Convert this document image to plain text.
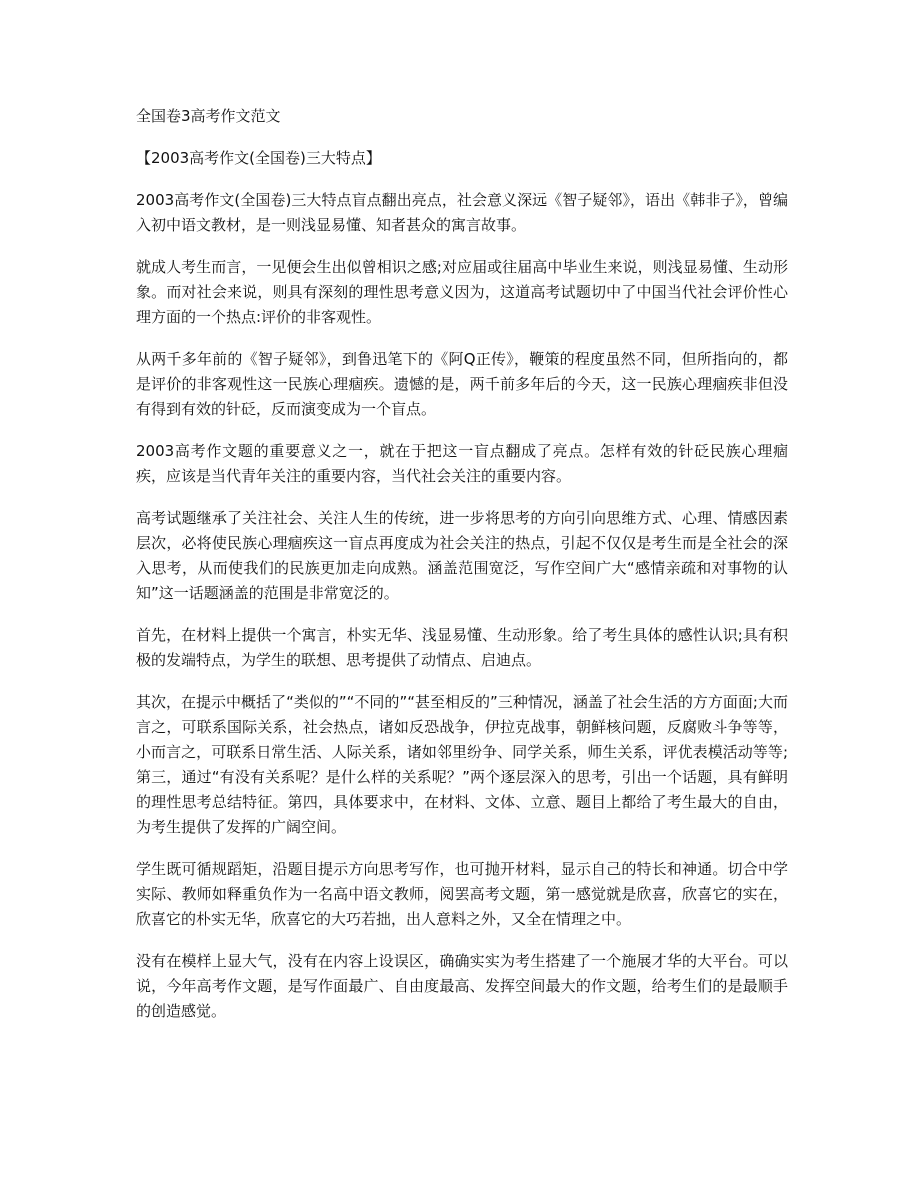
全国卷3高考作文范文
【2003高考作文(全国卷)三大特点】

2003高考作文(全国卷)三大特点盲点翻出亮点，社会意义深远《智子疑邻》，语出《韩非子》，曾编入初中语文教材，是一则浅显易懂、知者甚众的寓言故事。

就成人考生而言，一见便会生出似曾相识之感;对应届或往届高中毕业生来说，则浅显易懂、生动形象。而对社会来说，则具有深刻的理性思考意义因为，这道高考试题切中了中国当代社会评价性心理方面的一个热点:评价的非客观性。

从两千多年前的《智子疑邻》，到鲁迅笔下的《阿Q正传》，鞭策的程度虽然不同，但所指向的，都是评价的非客观性这一民族心理痼疾。遗憾的是，两千前多年后的今天，这一民族心理痼疾非但没有得到有效的针砭，反而演变成为一个盲点。

2003高考作文题的重要意义之一，就在于把这一盲点翻成了亮点。怎样有效的针砭民族心理痼疾，应该是当代青年关注的重要内容，当代社会关注的重要内容。

高考试题继承了关注社会、关注人生的传统，进一步将思考的方向引向思维方式、心理、情感因素层次，必将使民族心理痼疾这一盲点再度成为社会关注的热点，引起不仅仅是考生而是全社会的深入思考，从而使我们的民族更加走向成熟。涵盖范围宽泛，写作空间广大“感情亲疏和对事物的认知”这一话题涵盖的范围是非常宽泛的。

首先，在材料上提供一个寓言，朴实无华、浅显易懂、生动形象。给了考生具体的感性认识;具有积极的发端特点，为学生的联想、思考提供了动情点、启迪点。

其次，在提示中概括了“类似的”“不同的”“甚至相反的”三种情况，涵盖了社会生活的方方面面;大而言之，可联系国际关系，社会热点，诸如反恐战争，伊拉克战事，朝鲜核问题，反腐败斗争等等，小而言之，可联系日常生活、人际关系，诸如邻里纷争、同学关系，师生关系，评优表模活动等等;第三，通过“有没有关系呢？是什么样的关系呢？”两个逐层深入的思考，引出一个话题，具有鲜明的理性思考总结特征。第四，具体要求中，在材料、文体、立意、题目上都给了考生最大的自由，为考生提供了发挥的广阔空间。

学生既可循规蹈矩，沿题目提示方向思考写作，也可抛开材料，显示自己的特长和神通。切合中学实际、教师如释重负作为一名高中语文教师，阅罢高考文题，第一感觉就是欣喜，欣喜它的实在，欣喜它的朴实无华，欣喜它的大巧若拙，出人意料之外，又全在情理之中。

没有在模样上显大气，没有在内容上设误区，确确实实为考生搭建了一个施展才华的大平台。可以说，今年高考作文题，是写作面最广、自由度最高、发挥空间最大的作文题，给考生们的是最顺手的创造感觉。
